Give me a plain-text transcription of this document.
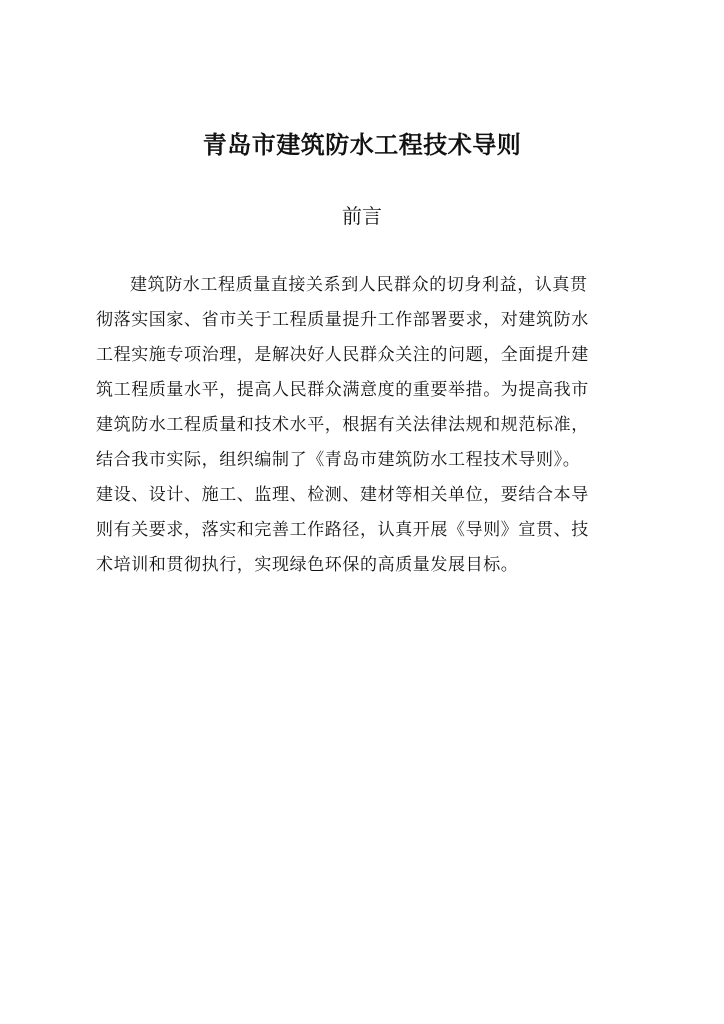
青岛市建筑防水工程技术导则
前言
建筑防水工程质量直接关系到人民群众的切身利益，认真贯
彻落实国家、省市关于工程质量提升工作部署要求，对建筑防水
工程实施专项治理，是解决好人民群众关注的问题，全面提升建
筑工程质量水平，提高人民群众满意度的重要举措。为提高我市
建筑防水工程质量和技术水平，根据有关法律法规和规范标准，
结合我市实际，组织编制了《青岛市建筑防水工程技术导则》。
建设、设计、施工、监理、检测、建材等相关单位，要结合本导
则有关要求，落实和完善工作路径，认真开展《导则》宣贯、技
术培训和贯彻执行，实现绿色环保的高质量发展目标。
